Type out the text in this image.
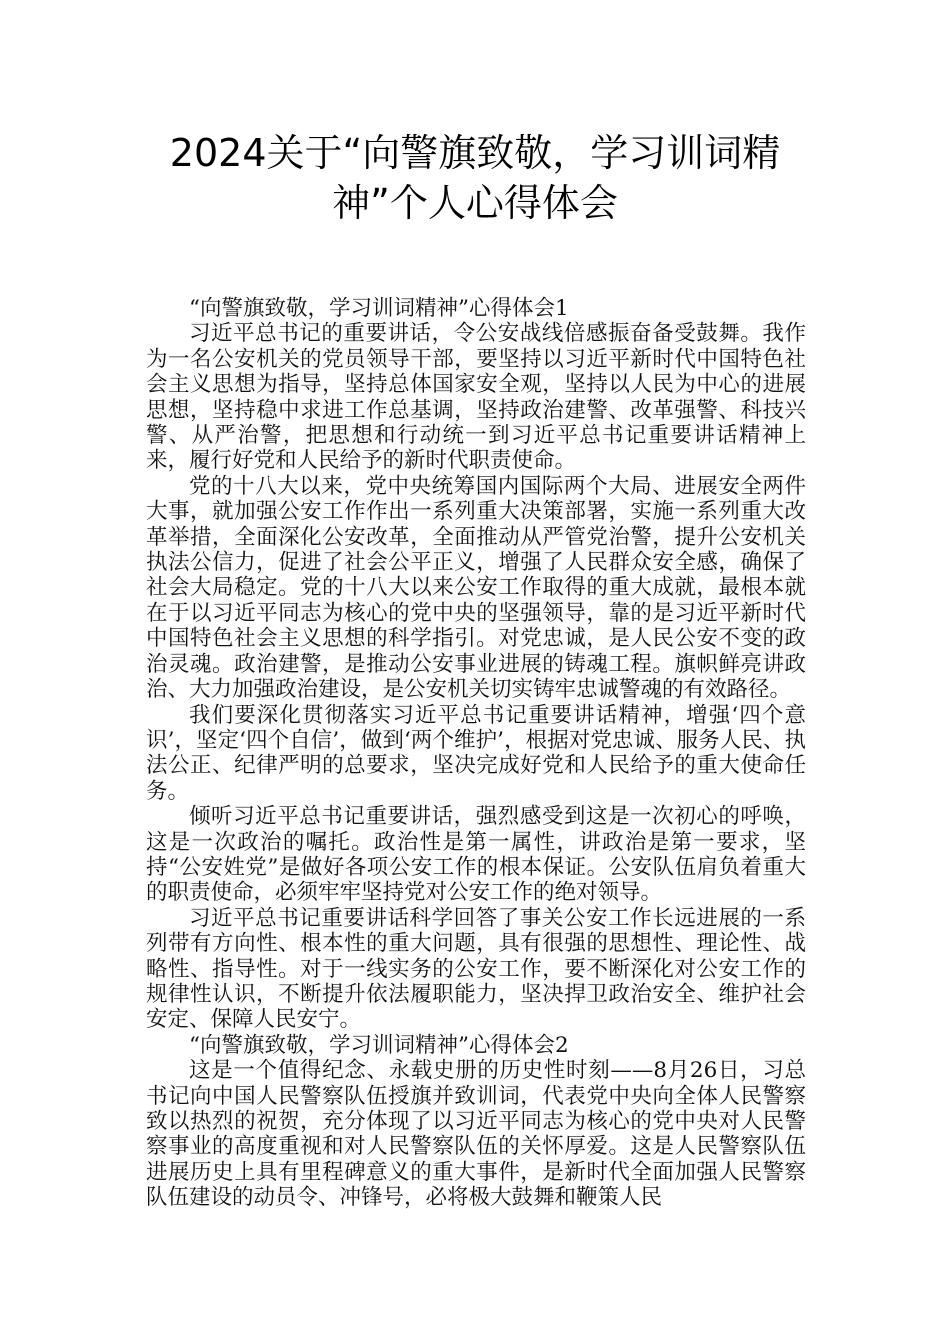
2024关于“向警旗致敬，学习训词精
神”个人心得体会

“向警旗致敬，学习训词精神”心得体会1

习近平总书记的重要讲话，令公安战线倍感振奋备受鼓舞。我作为一名公安机关的党员领导干部，要坚持以习近平新时代中国特色社会主义思想为指导，坚持总体国家安全观，坚持以人民为中心的进展思想，坚持稳中求进工作总基调，坚持政治建警、改革强警、科技兴警、从严治警，把思想和行动统一到习近平总书记重要讲话精神上来，履行好党和人民给予的新时代职责使命。

党的十八大以来，党中央统筹国内国际两个大局、进展安全两件大事，就加强公安工作作出一系列重大决策部署，实施一系列重大改革举措，全面深化公安改革，全面推动从严管党治警，提升公安机关执法公信力，促进了社会公平正义，增强了人民群众安全感，确保了社会大局稳定。党的十八大以来公安工作取得的重大成就，最根本就在于以习近平同志为核心的党中央的坚强领导，靠的是习近平新时代中国特色社会主义思想的科学指引。对党忠诚，是人民公安不变的政治灵魂。政治建警，是推动公安事业进展的铸魂工程。旗帜鲜亮讲政治、大力加强政治建设，是公安机关切实铸牢忠诚警魂的有效路径。

我们要深化贯彻落实习近平总书记重要讲话精神，增强‘四个意识’，坚定‘四个自信’，做到‘两个维护’，根据对党忠诚、服务人民、执法公正、纪律严明的总要求，坚决完成好党和人民给予的重大使命任务。

倾听习近平总书记重要讲话，强烈感受到这是一次初心的呼唤，这是一次政治的嘱托。政治性是第一属性，讲政治是第一要求，坚持“公安姓党”是做好各项公安工作的根本保证。公安队伍肩负着重大的职责使命，必须牢牢坚持党对公安工作的绝对领导。

习近平总书记重要讲话科学回答了事关公安工作长远进展的一系列带有方向性、根本性的重大问题，具有很强的思想性、理论性、战略性、指导性。对于一线实务的公安工作，要不断深化对公安工作的规律性认识，不断提升依法履职能力，坚决捍卫政治安全、维护社会安定、保障人民安宁。

“向警旗致敬，学习训词精神”心得体会2

这是一个值得纪念、永载史册的历史性时刻——8月26日，习总书记向中国人民警察队伍授旗并致训词，代表党中央向全体人民警察致以热烈的祝贺，充分体现了以习近平同志为核心的党中央对人民警察事业的高度重视和对人民警察队伍的关怀厚爱。这是人民警察队伍进展历史上具有里程碑意义的重大事件，是新时代全面加强人民警察队伍建设的动员令、冲锋号，必将极大鼓舞和鞭策人民
